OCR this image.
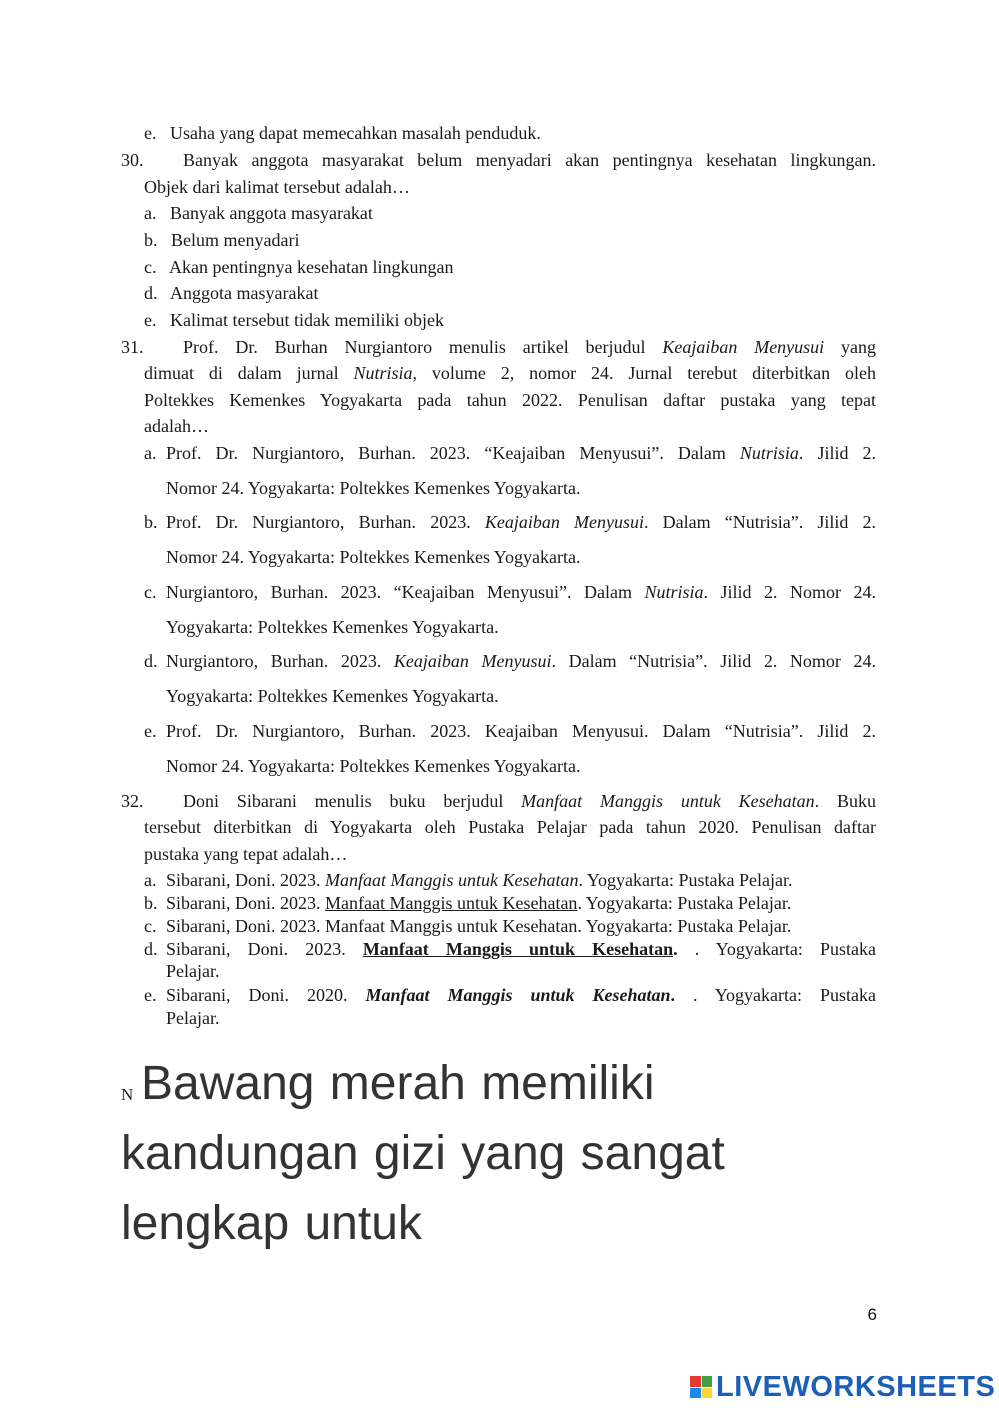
e. Usaha yang dapat memecahkan masalah penduduk.
30. Banyak anggota masyarakat belum menyadari akan pentingnya kesehatan lingkungan.
Objek dari kalimat tersebut adalah…
a. Banyak anggota masyarakat
b. Belum menyadari
c. Akan pentingnya kesehatan lingkungan
d. Anggota masyarakat
e. Kalimat tersebut tidak memiliki objek
31. Prof. Dr. Burhan Nurgiantoro menulis artikel berjudul Keajaiban Menyusui yang
dimuat di dalam jurnal Nutrisia, volume 2, nomor 24. Jurnal terebut diterbitkan oleh
Poltekkes Kemenkes Yogyakarta pada tahun 2022. Penulisan daftar pustaka yang tepat
adalah…
a. Prof. Dr. Nurgiantoro, Burhan. 2023. “Keajaiban Menyusui”. Dalam Nutrisia. Jilid 2.
Nomor 24. Yogyakarta: Poltekkes Kemenkes Yogyakarta.
b. Prof. Dr. Nurgiantoro, Burhan. 2023. Keajaiban Menyusui. Dalam “Nutrisia”. Jilid 2.
Nomor 24. Yogyakarta: Poltekkes Kemenkes Yogyakarta.
c. Nurgiantoro, Burhan. 2023. “Keajaiban Menyusui”. Dalam Nutrisia. Jilid 2. Nomor 24.
Yogyakarta: Poltekkes Kemenkes Yogyakarta.
d. Nurgiantoro, Burhan. 2023. Keajaiban Menyusui. Dalam “Nutrisia”. Jilid 2. Nomor 24.
Yogyakarta: Poltekkes Kemenkes Yogyakarta.
e. Prof. Dr. Nurgiantoro, Burhan. 2023. Keajaiban Menyusui. Dalam “Nutrisia”. Jilid 2.
Nomor 24. Yogyakarta: Poltekkes Kemenkes Yogyakarta.
32. Doni Sibarani menulis buku berjudul Manfaat Manggis untuk Kesehatan. Buku
tersebut diterbitkan di Yogyakarta oleh Pustaka Pelajar pada tahun 2020. Penulisan daftar
pustaka yang tepat adalah…
a. Sibarani, Doni. 2023. Manfaat Manggis untuk Kesehatan. Yogyakarta: Pustaka Pelajar.
b. Sibarani, Doni. 2023. Manfaat Manggis untuk Kesehatan. Yogyakarta: Pustaka Pelajar.
c. Sibarani, Doni. 2023. Manfaat Manggis untuk Kesehatan. Yogyakarta: Pustaka Pelajar.
d. Sibarani, Doni. 2023. Manfaat Manggis untuk Kesehatan. . Yogyakarta: Pustaka
Pelajar.
e. Sibarani, Doni. 2020. Manfaat Manggis untuk Kesehatan. . Yogyakarta: Pustaka
Pelajar.
N Bawang merah memiliki
kandungan gizi yang sangat
lengkap untuk
6
LIVEWORKSHEETS
